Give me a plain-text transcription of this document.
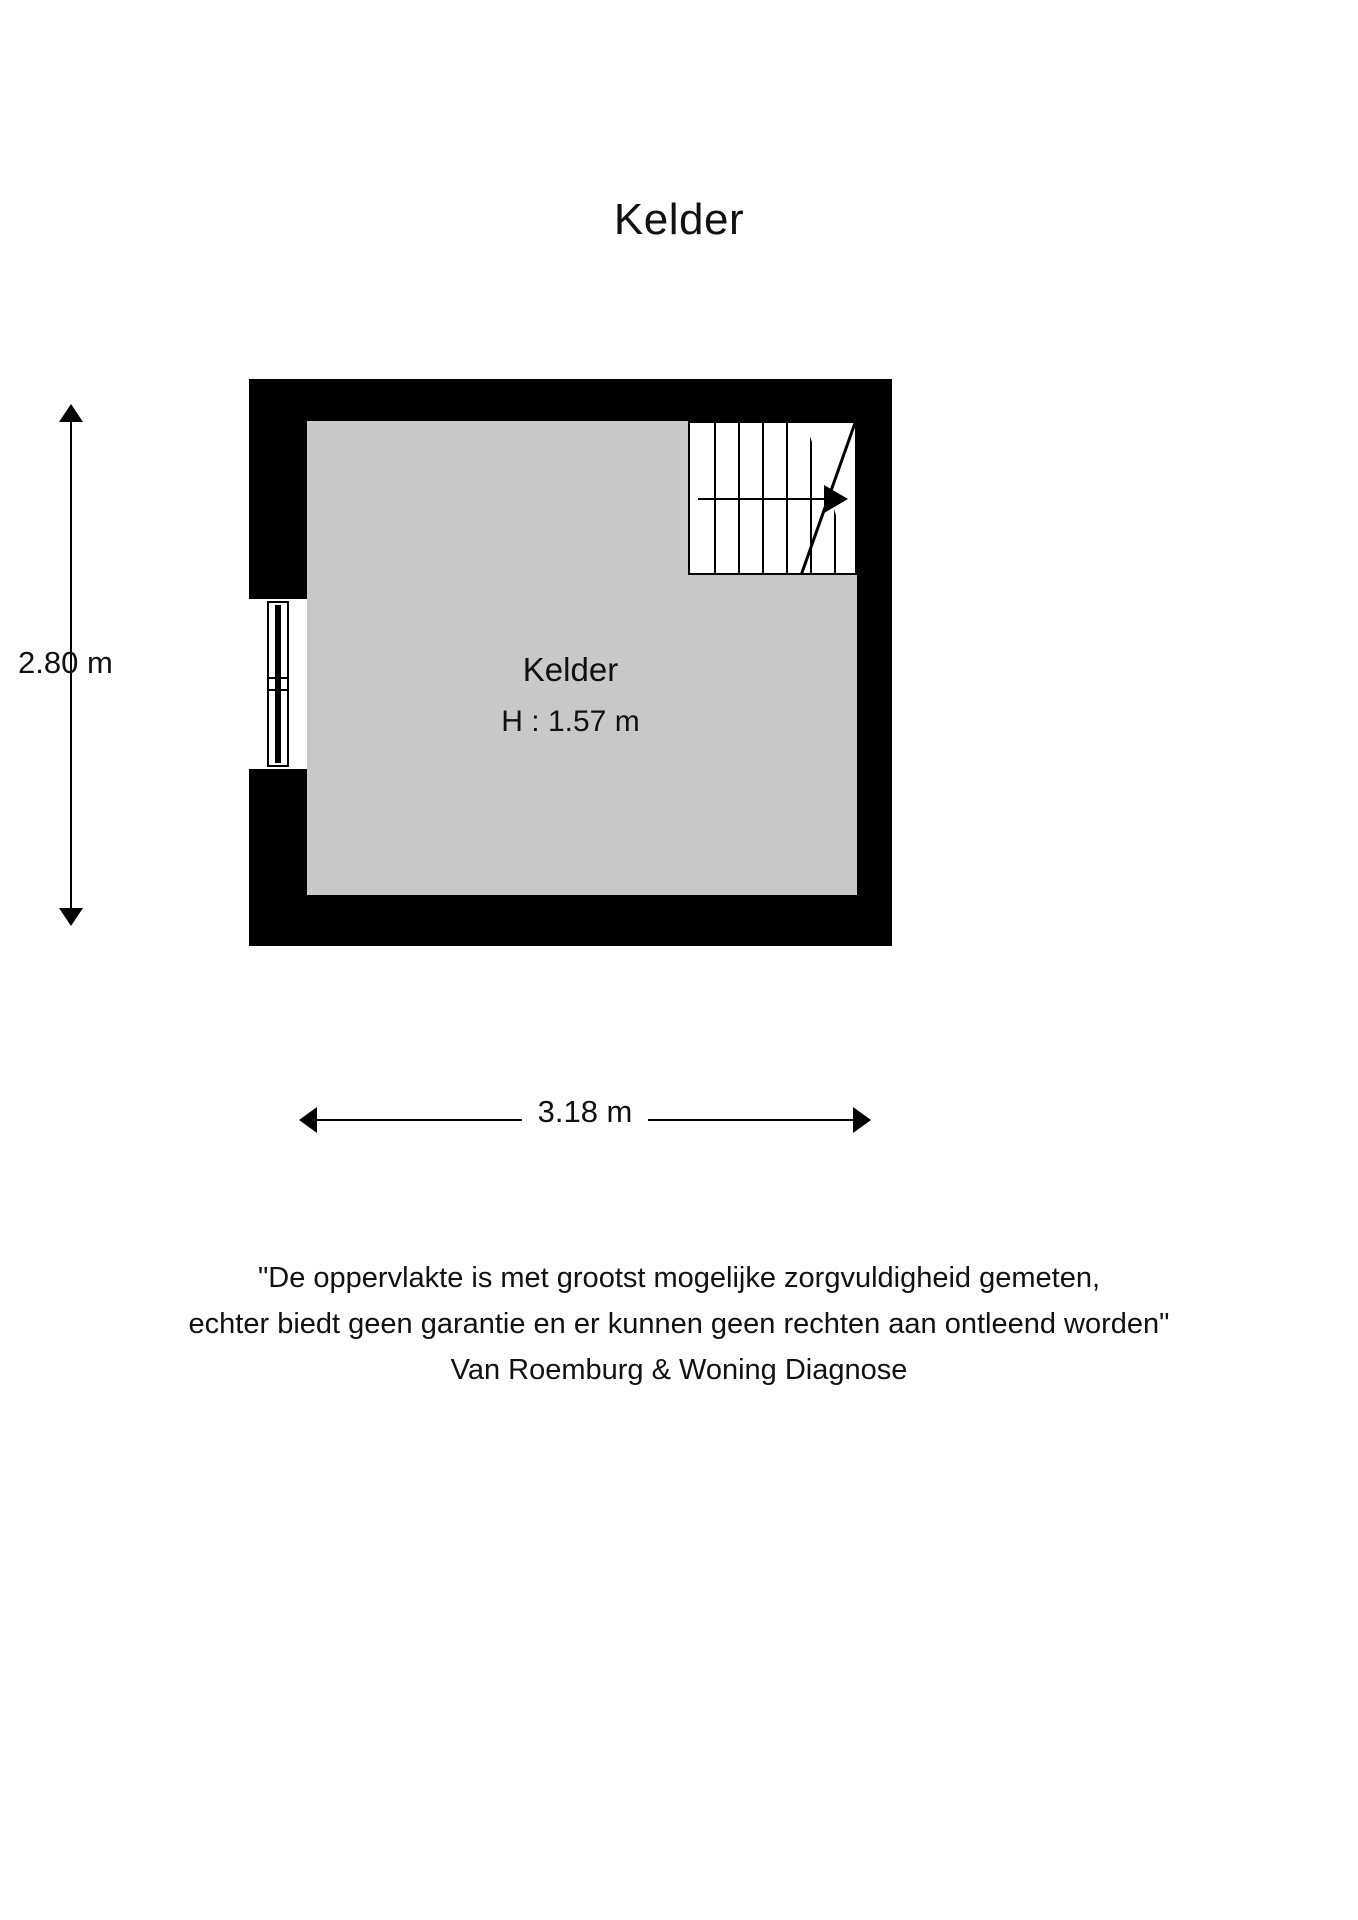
Kelder
Kelder
H : 1.57 m
2.80 m
3.18 m
"De oppervlakte is met grootst mogelijke zorgvuldigheid gemeten,
echter biedt geen garantie en er kunnen geen rechten aan ontleend worden"
Van Roemburg & Woning Diagnose
